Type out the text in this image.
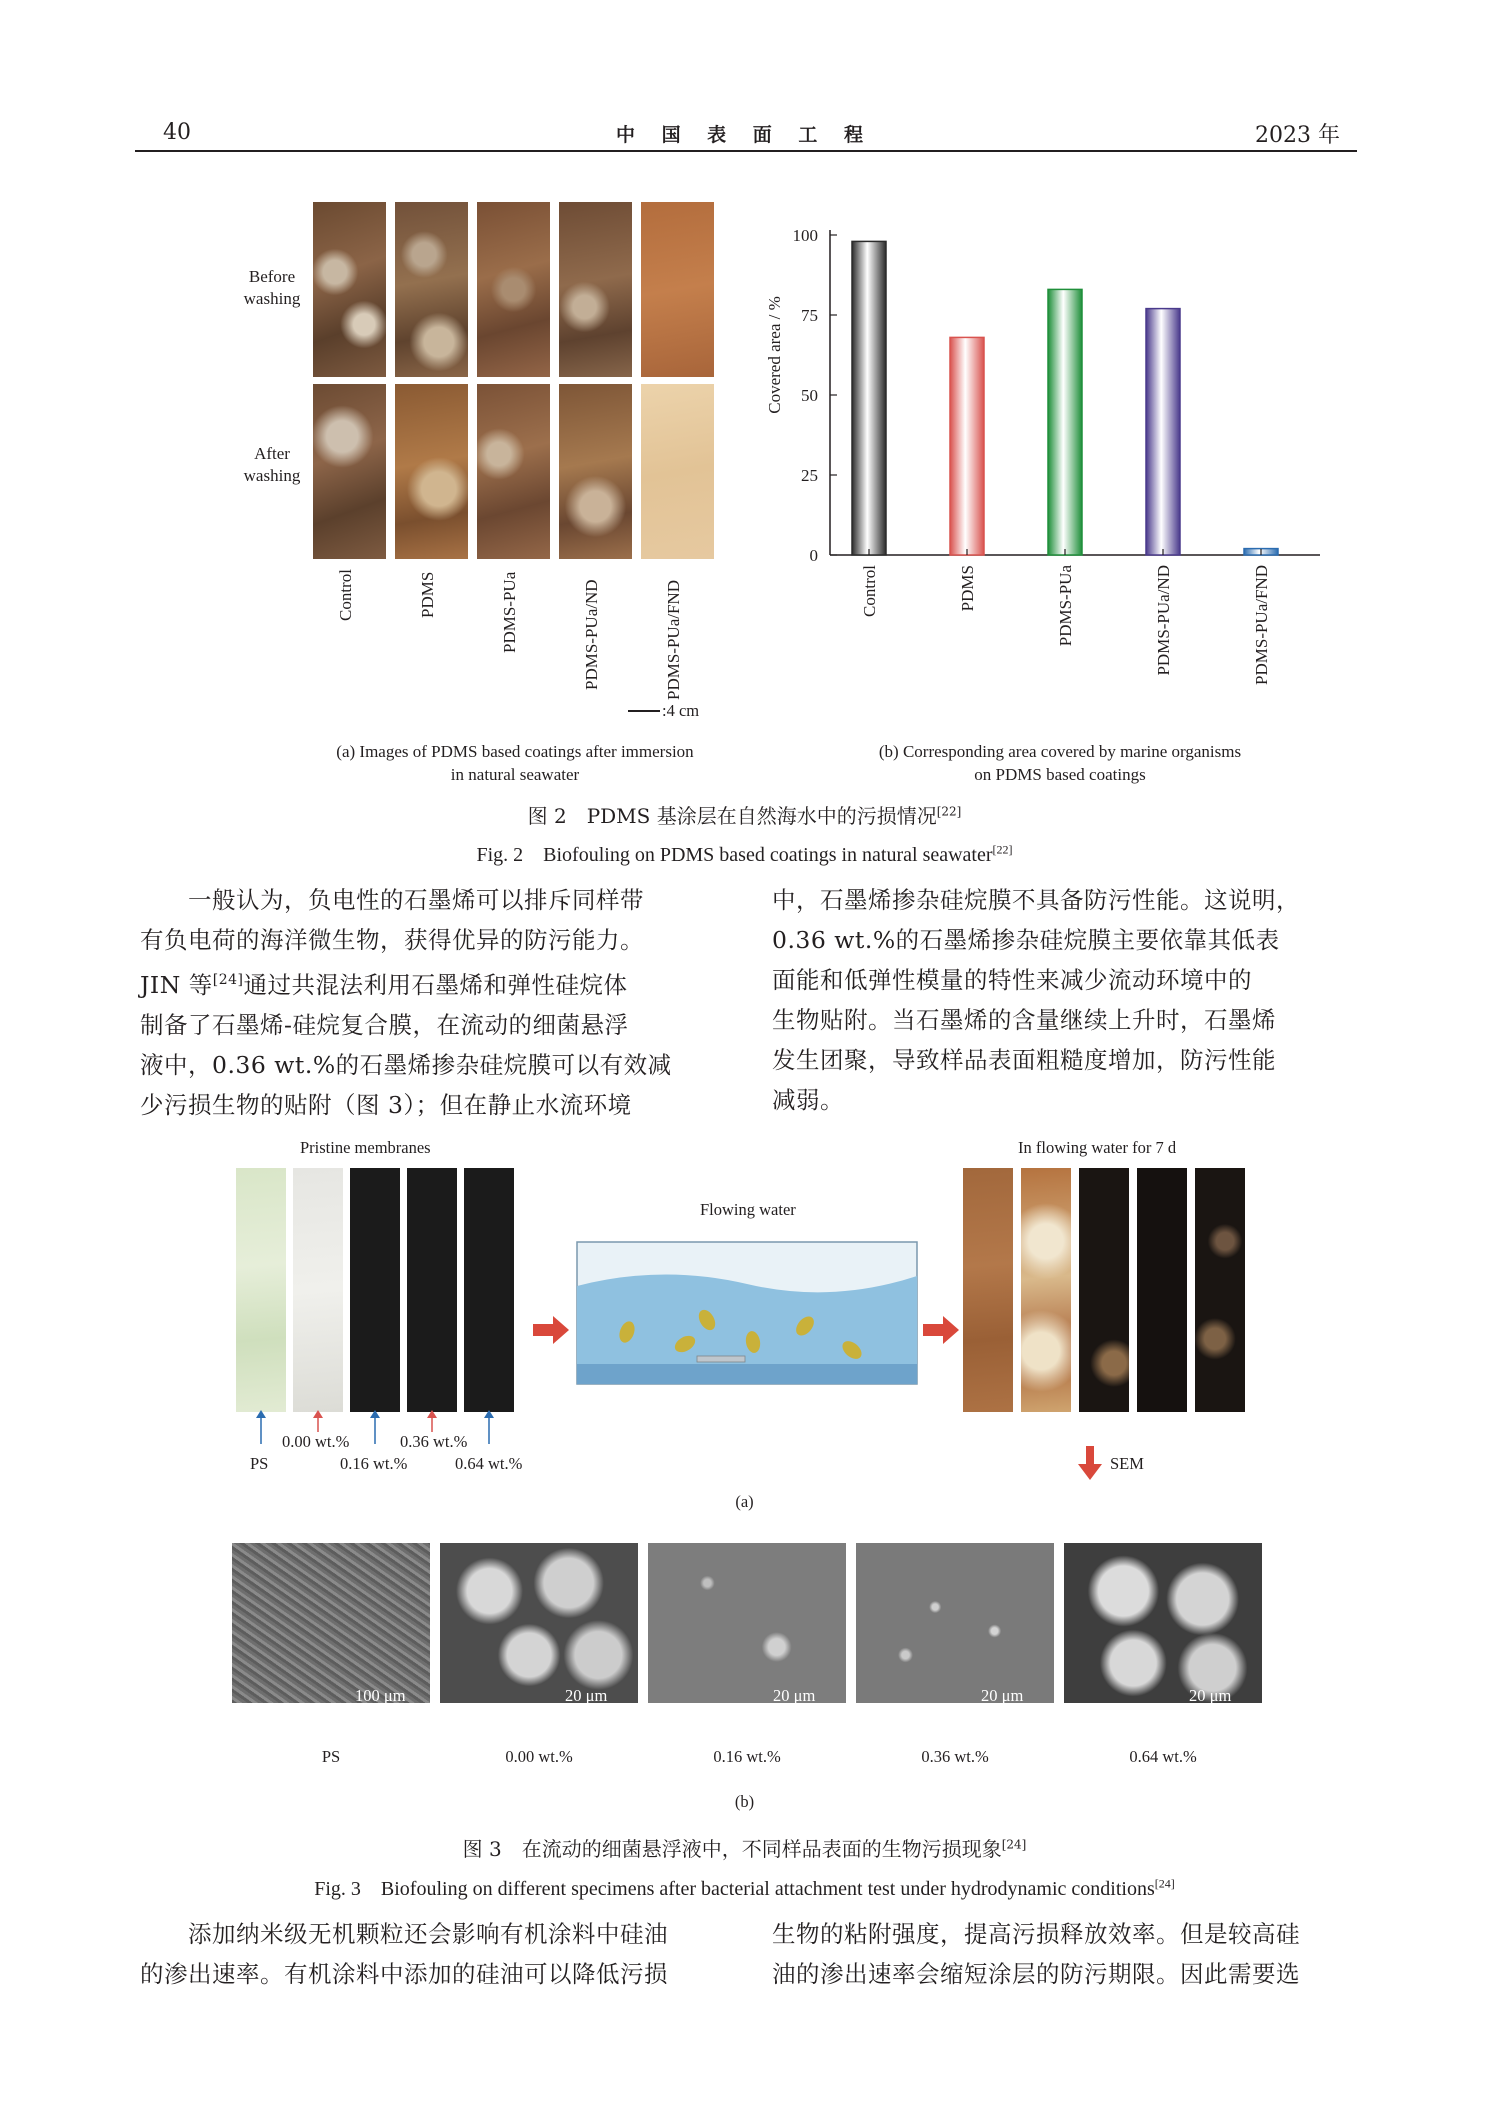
40	中 国 表 面 工 程	2023 年
Before
washing
After
washing
Control	PDMS	PDMS-PUa	PDMS-PUa/ND	PDMS-PUa/FND
:4 cm
(a) Images of PDMS based coatings after immersion
in natural seawater
Covered area / %
0
25
50
75
100
Control	PDMS	PDMS-PUa	PDMS-PUa/ND	PDMS-PUa/FND
(b) Corresponding area covered by marine organisms
on PDMS based coatings
图 2　PDMS 基涂层在自然海水中的污损情况[22]
Fig. 2　Biofouling on PDMS based coatings in natural seawater[22]
一般认为，负电性的石墨烯可以排斥同样带
有负电荷的海洋微生物，获得优异的防污能力。
JIN 等[24]通过共混法利用石墨烯和弹性硅烷体
制备了石墨烯-硅烷复合膜，在流动的细菌悬浮
液中，0.36 wt.%的石墨烯掺杂硅烷膜可以有效减
少污损生物的贴附（图 3）；但在静止水流环境
中，石墨烯掺杂硅烷膜不具备防污性能。这说明，
0.36 wt.%的石墨烯掺杂硅烷膜主要依靠其低表
面能和低弹性模量的特性来减少流动环境中的
生物贴附。当石墨烯的含量继续上升时，石墨烯
发生团聚，导致样品表面粗糙度增加，防污性能
减弱。
Pristine membranes	In flowing water for 7 d
0.00 wt.%	0.36 wt.%
PS	0.16 wt.%	0.64 wt.%
Flowing water
SEM
(a)
100 μm	20 μm	20 μm	20 μm	20 μm
PS	0.00 wt.%	0.16 wt.%	0.36 wt.%	0.64 wt.%
(b)
图 3　在流动的细菌悬浮液中，不同样品表面的生物污损现象[24]
Fig. 3　Biofouling on different specimens after bacterial attachment test under hydrodynamic conditions[24]
添加纳米级无机颗粒还会影响有机涂料中硅油
的渗出速率。有机涂料中添加的硅油可以降低污损
生物的粘附强度，提高污损释放效率。但是较高硅
油的渗出速率会缩短涂层的防污期限。因此需要选
